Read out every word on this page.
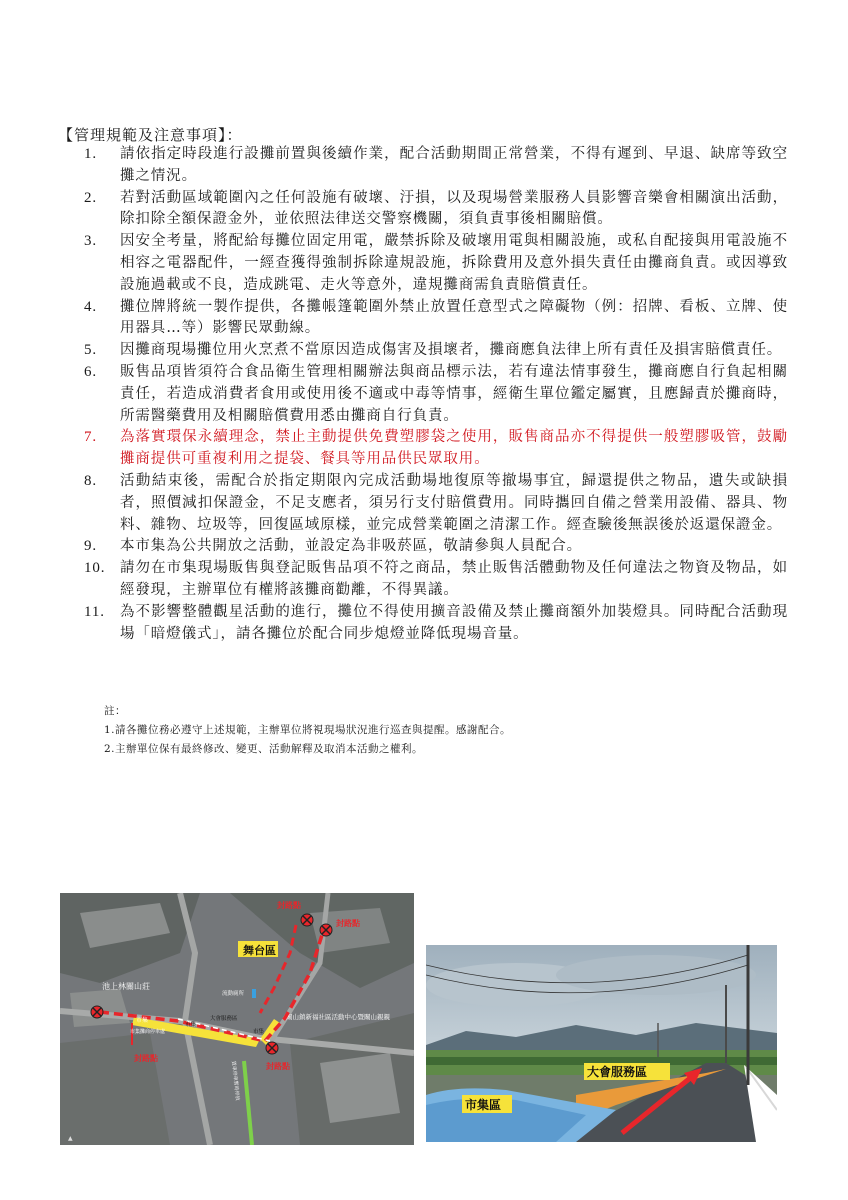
【管理規範及注意事項】：
1. 請依指定時段進行設攤前置與後續作業，配合活動期間正常營業，不得有遲到、早退、缺席等致空攤之情況。
2. 若對活動區域範圍內之任何設施有破壞、汙損，以及現場營業服務人員影響音樂會相關演出活動，除扣除全額保證金外，並依照法律送交警察機關，須負責事後相關賠償。
3. 因安全考量，將配給每攤位固定用電，嚴禁拆除及破壞用電與相關設施，或私自配接與用電設施不相容之電器配件，一經查獲得強制拆除違規設施，拆除費用及意外損失責任由攤商負責。或因導致設施過載或不良，造成跳電、走火等意外，違規攤商需負責賠償責任。
4. 攤位牌將統一製作提供，各攤帳篷範圍外禁止放置任意型式之障礙物（例：招牌、看板、立牌、使用器具…等）影響民眾動線。
5. 因攤商現場攤位用火烹煮不當原因造成傷害及損壞者，攤商應負法律上所有責任及損害賠償責任。
6. 販售品項皆須符合食品衛生管理相關辦法與商品標示法，若有違法情事發生，攤商應自行負起相關責任，若造成消費者食用或使用後不適或中毒等情事，經衛生單位鑑定屬實，且應歸責於攤商時，所需醫藥費用及相關賠償費用悉由攤商自行負責。
7. 為落實環保永續理念，禁止主動提供免費塑膠袋之使用，販售商品亦不得提供一般塑膠吸管，鼓勵攤商提供可重複利用之提袋、餐具等用品供民眾取用。
8. 活動結束後，需配合於指定期限內完成活動場地復原等撤場事宜，歸還提供之物品，遺失或缺損者，照價減扣保證金，不足支應者，須另行支付賠償費用。同時攜回自備之營業用設備、器具、物料、雜物、垃圾等，回復區域原樣，並完成營業範圍之清潔工作。經查驗後無誤後於返還保證金。
9. 本市集為公共開放之活動，並設定為非吸菸區，敬請參與人員配合。
10. 請勿在市集現場販售與登記販售品項不符之商品，禁止販售活體動物及任何違法之物資及物品，如經發現，主辦單位有權將該攤商勸離，不得異議。
11. 為不影響整體觀星活動的進行，攤位不得使用擴音設備及禁止攤商額外加裝燈具。同時配合活動現場「暗燈儀式」，請各攤位於配合同步熄燈並降低現場音量。
註：
1.請各攤位務必遵守上述規範，主辦單位將視現場狀況進行巡查與提醒。感謝配合。
2.主辦單位保有最終修改、變更、活動解釋及取消本活動之權利。
舞台區
池上林關山莊
關山鎮新福社區活動中心暨關山親親
封路點
封路點
封路點
封路點
流動廁所
大會服務區
市集
市集
市集
市集攤商停車處
貨車停車暫時停放
▲
大會服務區
市集區
